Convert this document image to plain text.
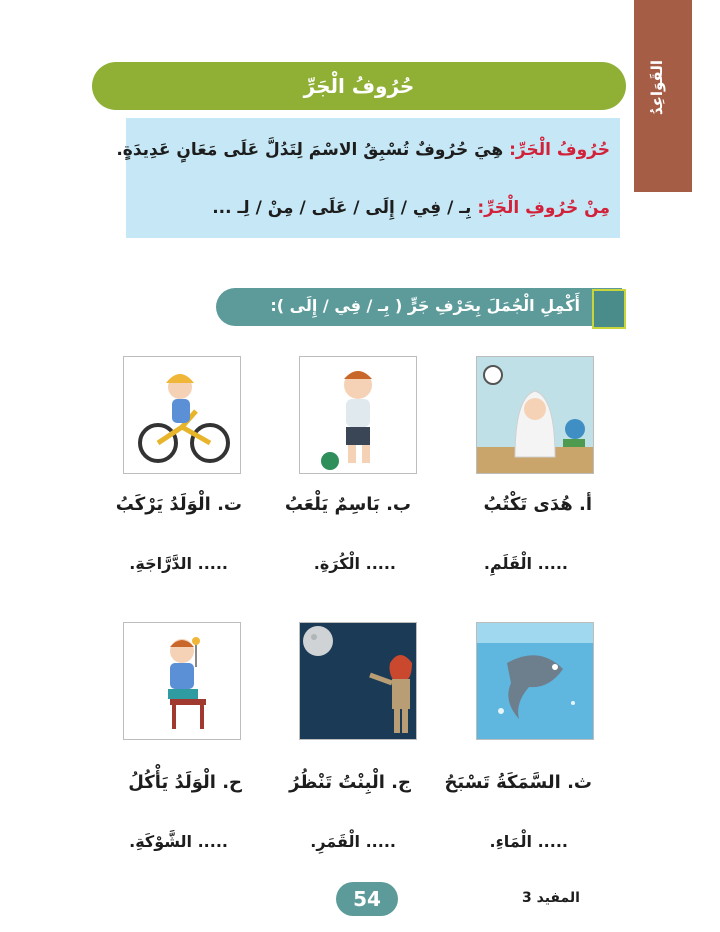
القَوَاعِدُ
حُرُوفُ الْجَرِّ
حُرُوفُ الْجَرِّ: هِيَ حُرُوفٌ تُسْبِقُ الاسْمَ لِتَدُلَّ عَلَى مَعَانٍ عَدِيدَةٍ.
مِنْ حُرُوفِ الْجَرِّ: بِـ / فِي / إِلَى / عَلَى / مِنْ / لِـ ...
أَكْمِلِ الْجُمَلَ بِحَرْفِ جَرٍّ ( بِـ / فِي / إِلَى ):
أ. هُدَى تَكْتُبُ
ب. بَاسِمٌ يَلْعَبُ
ت. الْوَلَدُ يَرْكَبُ
..... الْقَلَمِ.
..... الْكُرَةِ.
..... الدَّرَّاجَةِ.
ث. السَّمَكَةُ تَسْبَحُ
ج. الْبِنْتُ تَنْظُرُ
ح. الْوَلَدُ يَأْكُلُ
..... الْمَاءِ.
..... الْقَمَرِ.
..... الشَّوْكَةِ.
المفيد 3
54
